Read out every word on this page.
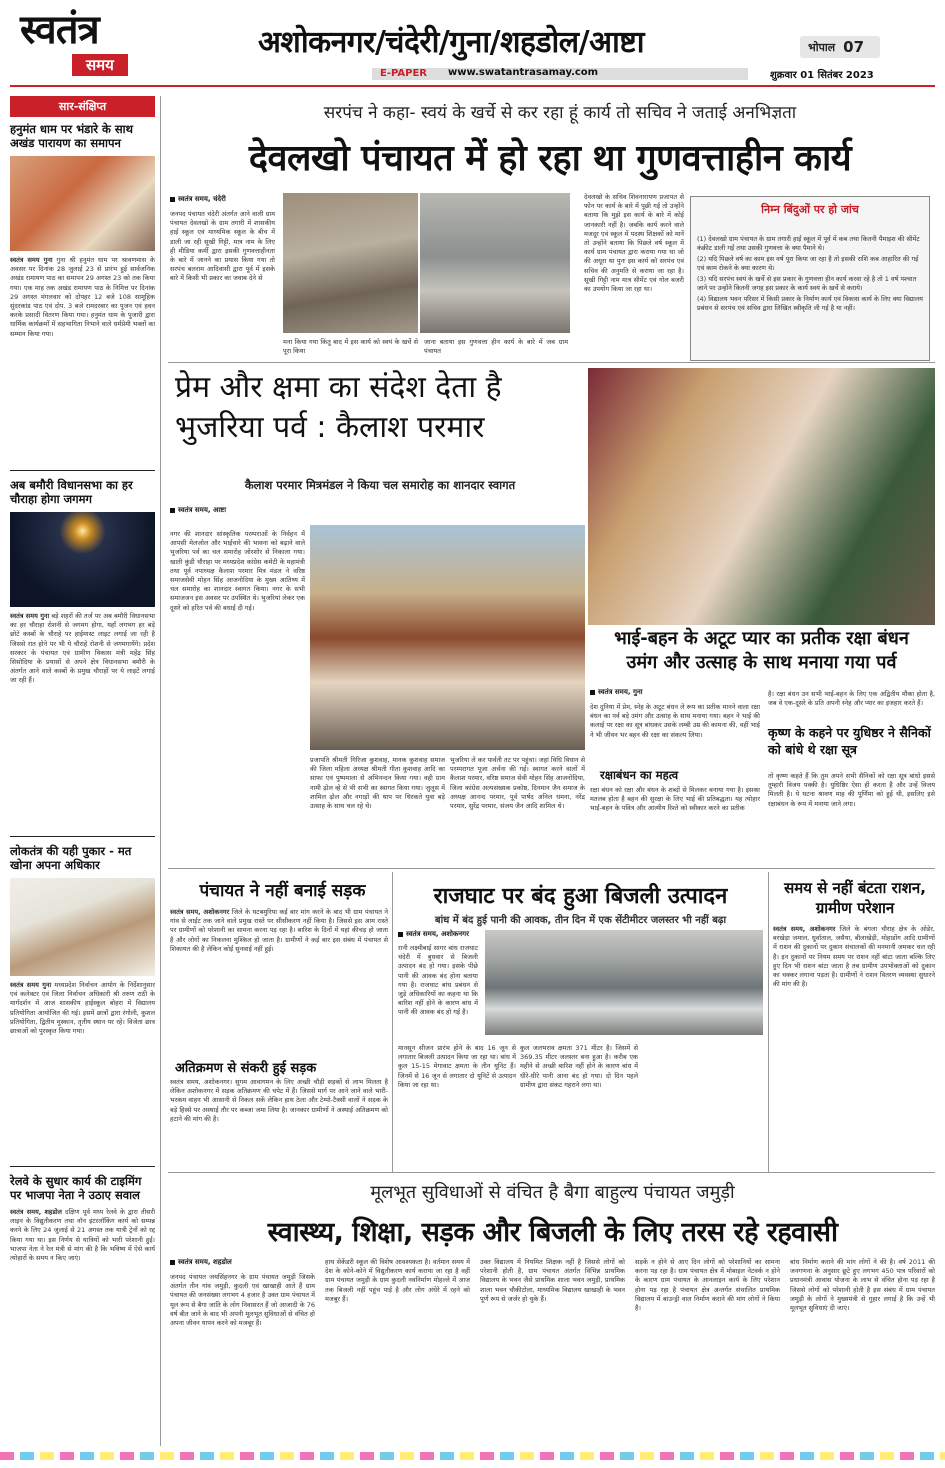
स्वतंत्र
समय
अशोकनगर/चंदेरी/गुना/शहडोल/आष्टा	भोपाल 07
E-PAPER www.swatantrasamay.com	शुक्रवार 01 सितंबर 2023
सार-संक्षिप्त
हनुमंत धाम पर भंडारे के साथ अखंड पारायण का समापन
स्वतंत्र समय गुना गुना श्री हनुमंत धाम पर श्रावणमास के अवसर पर दिनांक 28 जुलाई 23 से प्रारंभ हुई सार्वजनिक अखंड रामायण पाठ का समापन 29 अगस्त 23 को तक किया गया। एक माह तक अखंड रामायण पाठ के निमित्त पर दिनांक 29 अगस्त मंगलवार को दोपहर 12 बजे 108 सामूहिक सुंदरकांड पाठ एवं दोप. 3 बजे रामदरबार का पूजन एवं हवन करके प्रसादी वितरण किया गया। हनुमंत धाम के पुजारी द्वारा धार्मिक कार्यक्रमों में सहभागिता निभाने वाले धर्मप्रेमी भक्तों का सम्मान किया गया।
अब बमौरी विधानसभा का हर चौराहा होगा जगमग
स्वतंत्र समय गुना बड़े शहरों की तर्ज पर अब बमौरी विधानसभा का हर चौराहा रोशनी से जगमग होगा, यहाँ लगभग हर बड़े छोटे कस्बों के चौराहे पर हाईमास्ट लाइट लगाई जा रही है जिससे रात होने पर भी ये चौराहे रोशनी से जगमगायेंगे। प्रदेश सरकार के पंचायत एवं ग्रामीण विकास मंत्री महेंद्र सिंह सिसोदिया के प्रयासों से अपने क्षेत्र विधानसभा बमौरी के अंतर्गत आने वाले कस्बों के प्रमुख चौराहों पर ये लाइटें लगाई जा रही हैं।
लोकतंत्र की यही पुकार - मत खोना अपना अधिकार
स्वतंत्र समय गुना मध्यप्रदेश निर्वाचन आयोग के निर्देशानुसार एवं कलेक्टर एवं जिला निर्वाचन अधिकारी श्री तरुण राठी के मार्गदर्शन में आज शासकीय हाईस्कूल बोहरा में विद्यालय प्रतियोगिता आयोजित की गई। इसमें छात्रों द्वारा रंगोली, कुशल प्रतियोगिता, द्वितीय मुस्कान, तृतीय स्थान पर रहे। विजेता छात्र छात्राओं को पुरस्कृत किया गया।
रेलवे के सुधार कार्य की टाइमिंग पर भाजपा नेता ने उठाए सवाल
स्वतंत्र समय, शहडोल दक्षिण पूर्व मध्य रेलवे के द्वारा तीसरी लाइन के विद्युतीकरण तथा नॉन इंटरलॉकिंग कार्य को सम्पन्न करने के लिए 24 जुलाई से 21 अगस्त तक यात्री ट्रेनों को रद्द किया गया था। इस निर्णय से यात्रियों को भारी परेशानी हुई। भाजपा नेता ने रेल मंत्री से मांग की है कि भविष्य में ऐसे कार्य त्योहारों के समय न किए जाएं।
सरपंच ने कहा- स्वयं के खर्चे से कर रहा हूं कार्य तो सचिव ने जताई अनभिज्ञता
देवलखो पंचायत में हो रहा था गुणवत्ताहीन कार्य
स्वतंत्र समय, चंदेरी
जनपद पंचायत चंदेरी अंतर्गत आने वाली ग्राम पंचायत देवलखो के ग्राम तगारी में शासकीय हाई स्कूल एवं माध्यमिक स्कूल के बीच में डाली जा रही सूखी गिट्टी, मात्र नाम के लिए ही मीडिया कर्मी द्वारा इसकी गुणवत्ताहीनता के बारे में जानने का प्रयास किया गया तो सरपंच बलराम आदिवासी द्वारा पूर्व में इसके बारे में किसी भी प्रकार का जवाब देने से
मना किया गया किंतु बाद में इस कार्य को स्वयं के खर्चे से पूरा किया
जाना बताया इस गुणवत्ता हीन कार्य के बारे में जब ग्राम पंचायत
देवलखो के सचिव शिवनारायण प्रजापत से फोन पर कार्य के बारे में पूछी गई तो उन्होंने बताया कि मुझे इस कार्य के बारे में कोई जानकारी नहीं है। जबकि कार्य करने वाले मजदूर एवं स्कूल में पदस्थ शिक्षकों को मानें तो उन्होंने बताया कि पिछले वर्ष स्कूल में कार्य ग्राम पंचायत द्वारा कराया गया था जो की अधूरा था पुनः इस कार्य को सरपंच एवं सचिव की अनुमति से कराया जा रहा है। सूखी गिट्टी नाम मात्र सीमेंट एवं गोल बजरी का उपयोग किया जा रहा था।
निम्न बिंदुओं पर हो जांच
(1) देवलखो ग्राम पंचायत के ग्राम तगारी हाई स्कूल में पूर्व में कब तथा कितनी पैमाइश की सीमेंट कंक्रीट डाली गई तथा उसकी गुणवत्ता के क्या पैमाने थे।
(2) यदि पिछले वर्ष का काम इस वर्ष पूरा किया जा रहा है तो इसकी राशि कब आहारित की गई एवं काम रोकने के क्या कारण थे।
(3) यदि सरपंच स्वयं के खर्चे से इस प्रकार के गुणवत्ता हीन कार्य करवा रहे है तो 1 वर्ष पश्चात जाने पर उन्होंने कितनी जगह इस प्रकार के कार्य स्वयं के खर्चे से कराये।
(4) विद्यालय भवन परिसर में किसी प्रकार के निर्माण कार्य एवं विकास कार्य के लिए क्या विद्यालय प्रबंधन से सरपंच एवं सचिव द्वारा लिखित स्वीकृति ली गई है या नहीं।
प्रेम और क्षमा का संदेश देता है
भुजरिया पर्व : कैलाश परमार
कैलाश परमार मित्रमंडल ने किया चल समारोह का शानदार स्वागत
स्वतंत्र समय, आष्टा
नगर की शानदार सांस्कृतिक परम्पराओं के निर्वहन में आपसी मेलजोल और भाईचारे की भावना को बढ़ाने वाले भुजरिया पर्व का चल समारोह जोरशोर से निकाला गया। खाती कुंडी चौराहा पर मध्यप्रदेश कांग्रेस कमेटी के महामंत्री तथा पूर्व नपाध्यक्ष कैलाश परमार मित्र मंडल ने वरिष्ठ समाजसेवी मोहन सिंह आजनोदिया के मुख्य आतिथ्य में चल समारोह का शानदार स्वागत किया। नगर के सभी समाजजन इस अवसर पर उपस्थित थे। भुजरियां लेकर एक दूसरे को हरित पर्व की बधाई दी गई।
प्रजापति श्रीमती गिरिजा कुशवाह, मानक कुशवाह समाज की जिला महिला अध्यक्ष श्रीमती गीता कुशवाह आदि का साफा एवं पुष्पमाला से अभिनन्दन किया गया। वही ग्राम नामी ढ़ोल व्हे से भी सभी का स्वागत किया गया। जुलूस में शामिल ढ़ोल और नगाड़ों की थाप पर थिरकते युवा बड़े उत्साह के साथ चल रहे थे।
भुजरिया ले कर पार्वती तट पर पहुंचा। जहां विधि विधान से परम्परागत पूजा अर्चना की गई। स्वागत करने वालों में कैलाश परमार, वरिष्ठ समाज सेवी मोहन सिंह आजनोदिया, जिला कांग्रेस अल्पसंख्यक प्रकोष्ठ, दिनमान जैन समाज के अध्यक्ष आनन्द परमार, पूर्व पार्षद अनिल धमना, नरेंद्र परमार, सुरेंद्र परमार, संजय जैन आदि शामिल थे।
भाई-बहन के अटूट प्यार का प्रतीक रक्षा बंधन
उमंग और उत्साह के साथ मनाया गया पर्व
स्वतंत्र समय, गुना
देश दुनिया में प्रेम, स्नेह के अटूट बंधन ले रूप का प्रतीक मानने वाला रक्षा बंधन का पर्व बड़े उमंग और उत्साह के साथ मनाया गया। बहन ने भाई की कलाई पर रक्षा का सूत्र बांधकर उसके लम्बी उम्र की कामना की, वहीं भाई ने भी जीवन भर बहन की रक्षा का संकल्प लिया।
रक्षाबंधन का महत्व
रक्षा बंधन को रक्षा और बंधन के शब्दों से मिलकर बनाया गया है। इसका मतलब होता है बहन की सुरक्षा के लिए भाई की प्रतिबद्धता। यह त्योहार भाई-बहन के पवित्र और आत्मीय रिश्ते को स्वीकार करने का प्रतीक
है। रक्षा बंधन उन सभी भाई-बहन के लिए एक अद्वितीय मौका होता है, जब वे एक-दूसरे के प्रति अपनी स्नेह और प्यार का इजहार करते हैं।
कृष्ण के कहने पर युधिष्ठर ने सैनिकों को बांधे थे रक्षा सूत्र
तो कृष्ण कहते हैं कि तुम अपने सभी सैनिकों को रक्षा सूत्र बांधो इससे तुम्हारी विजय पक्की है। युधिष्ठिर ऐसा ही करता है और उन्हें विजय मिलती है। ये घटना श्रावण माह की पूर्णिमा को हुई थी, इसलिए इसे रक्षाबंधन के रूप में मनाया जाने लगा।
पंचायत ने नहीं बनाई सड़क
स्वतंत्र समय, अशोकनगर जिले के घटबमुरिया कई बार मांग करने के बाद भी ग्राम पंचायत ने गांव से लाईट तक जाने वाले प्रमुख रास्ते पर सीसीकरण नहीं किया है। जिससे इस आम रास्ते पर ग्रामीणों को परेशानी का सामना करना पड़ रहा है। बारिश के दिनों में यहां कीचड़ हो जाता है और लोगों का निकलना मुश्किल हो जाता है। ग्रामीणों ने कई बार इस संबंध में पंचायत से शिकायत की है लेकिन कोई सुनवाई नहीं हुई।
अतिक्रमण से संकरी हुई सड़क
स्वतंत्र समय, अशोकनगर। सुगम आवागमन के लिए अच्छी चौड़ी सड़कों से लाभ मिलता है लेकिन अशोकनगर में सड़क अतिक्रमण की चपेट में हैं। जिससे मार्ग पर आने जाने वाले भारी-भरकम वाहन भी आसानी से निकल सकें लेकिन हाथ ठेला और टेम्पो-टैक्सी वालों ने सड़क के बड़े हिस्से पर अस्थाई तौर पर कब्जा जमा लिया है। जानकार ग्रामीणों ने अस्थाई अतिक्रमण को हटाने की मांग की है।
राजघाट पर बंद हुआ बिजली उत्पादन
बांध में बंद हुई पानी की आवक, तीन दिन में एक सेंटीमीटर जलस्तर भी नहीं बढ़ा
स्वतंत्र समय, अशोकनगर
रानी लक्ष्मीबाई सागर बांध राजघाट चंदेरी में बुधवार से बिजली उत्पादन बंद हो गया। इसके पीछे पानी की आवक बंद होना बताया गया है। राजघाट बांध प्रबंधन से जुड़े अधिकारियों का कहना था कि बारिश नहीं होने के कारण बांध में पानी की आवक बंद हो गई है।
मानसून सीजन प्रारंभ होने के बाद 16 जून से लगातार बिजली उत्पादन किया जा रहा था। बांध में कुल 15-15 मेगावाट क्षमता के तीन यूनिट हैं। जिनमें से 16 जून से लगातार दो यूनिटें से उत्पादन किया जा रहा था।
कुल जलभराव क्षमता 371 मीटर है। जिसमें से 369.35 मीटर जलस्तर बना हुआ है। करीब एक महीने से अच्छी बारिश नहीं होने के कारण बांध में धीरे-धीरे पानी आना बंद हो गया। दो दिन पहले ग्रामीण द्वारा संकट गहराने लगा था।
समय से नहीं बंटता राशन, ग्रामीण परेशान
स्वतंत्र समय, अशोकनगर जिले के बंगला चौराह क्षेत्र के ओडेर, बरखेड़ा जमाल, धुर्वाताल, जसैया, बीलाखेड़ी, मोहाडोंग आदि ग्रामीणों में राशन की दुकानों पर दुकान संचालकों की मनमानी जमकर चल रही है। इन दुकानों पर नियम समय पर राशन नहीं बांटा जाता बल्कि लिए हुए दिन भी राशन बांटा जाता है तब ग्रामीण उपभोक्ताओं को दुकान का चक्कर लगाना पड़ता है। ग्रामीणों ने राशन वितरण व्यवस्था सुधारने की मांग की है।
मूलभूत सुविधाओं से वंचित है बैगा बाहुल्य पंचायत जमुड़ी
स्वास्थ्य, शिक्षा, सड़क और बिजली के लिए तरस रहे रहवासी
स्वतंत्र समय, शहडोल
जनपद पंचायत जयसिंहनगर के ग्राम पंचायत जमुड़ी जिसके अंतर्गत तीन गांव जमुड़ी, कुदली एवं खाखाही आते हैं ग्राम पंचायत की जनसंख्या लगभग 4 हजार है उक्त ग्राम पंचायत में मूल रूप से बैगा जाति के लोग निवासरत हैं जो आजादी के 76 वर्ष बीत जाने के बाद भी अपनी मूलभूत सुविधाओं से वंचित हो अपना जीवन यापन करने को मजबूर हैं।
हाथ सेकेंडरी स्कूल की विशेष आवश्यकता है। वर्तमान समय में देश के कोने-कोने में विद्युतीकरण कार्य कराया जा रहा है वहीं ग्राम पंचायत जमुड़ी के ग्राम कुदली नवनिर्माण मोहल्ले में आज तक बिजली नहीं पहुंच पाई है और लोग अंधेरे में रहने को मजबूर हैं।
उक्त विद्यालय में नियमित शिक्षक नहीं है जिससे लोगों को परेशानी होती है, ग्राम पंचायत अंतर्गत विभिन्न प्राथमिक विद्यालय के भवन जैसे प्राथमिक शाला भवन जमुड़ी, प्राथमिक शाला भवन चौकीटोला, माध्यमिक विद्यालय खाखाही के भवन पूर्ण रूप से जर्जर हो चुके हैं।
सड़कें न होने से आए दिन लोगों को परेशानियों का सामना करना पड़ रहा है। ग्राम पंचायत क्षेत्र में मोबाइल नेटवर्क न होने के कारण ग्राम पंचायत के आनलाइन कार्य के लिए परेशान होना पड़ रहा है पंचायत क्षेत्र अन्तर्गत संचालित प्राथमिक विद्यालय में बाउन्ड्री वाल निर्माण कराने की मांग लोगों ने किया है।
बांध निर्माण कराने की मांग लोगों ने की है। वर्ष 2011 की जनगणना के अनुसार छूटे हुए लगभग 450 पात्र परिवारों को प्रधानमंत्री आवास योजना के लाभ से वंचित होना पड़ रहा है जिससे लोगों को परेशानी होती है इस संबंध में ग्राम पंचायत जमुड़ी के लोगों ने मुख्यमंत्री से गुहार लगाई है कि उन्हें भी मूलभूत सुविधाएं दी जाएं।
